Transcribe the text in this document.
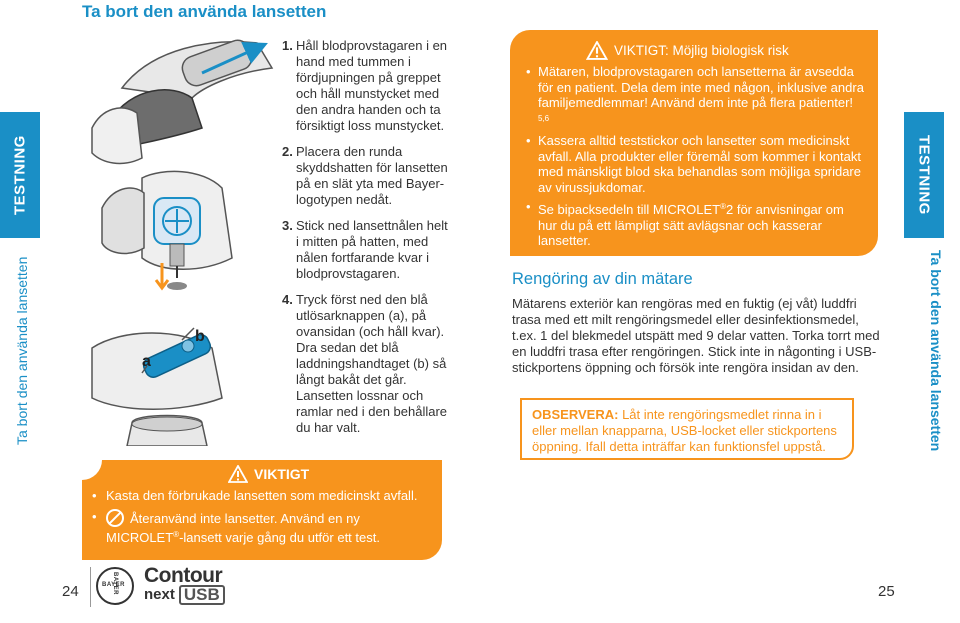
TESTNING
Ta bort den använda lansetten
TESTNING
Ta bort den använda lansetten
Ta bort den använda lansetten
a
b
1. Håll blodprovstagaren i en hand med tummen i fördjupningen på greppet och håll munstycket med den andra handen och ta försiktigt loss munstycket.
2. Placera den runda skyddshatten för lansetten på en slät yta med Bayer-logotypen nedåt.
3. Stick ned lansettnålen helt i mitten på hatten, med nålen fortfarande kvar i blodprovstagaren.
4. Tryck först ned den blå utlösarknappen (a), på ovansidan (och håll kvar). Dra sedan det blå laddningshandtaget (b) så långt bakåt det går. Lansetten lossnar och ramlar ned i den behållare du har valt.
VIKTIGT
• Kasta den förbrukade lansetten som medicinskt avfall.
• Återanvänd inte lansetter. Använd en ny
MICROLET®-lansett varje gång du utför ett test.
VIKTIGT: Möjlig biologisk risk
• Mätaren, blodprovstagaren och lansetterna är avsedda för en patient. Dela dem inte med någon, inklusive andra familjemedlemmar! Använd dem inte på flera patienter! $^{5,6}$
• Kassera alltid teststickor och lansetter som medicinskt avfall. Alla produkter eller föremål som kommer i kontakt med mänskligt blod ska behandlas som möjliga spridare av virussjukdomar.
• Se bipacksedeln till MICROLET®2 för anvisningar om hur du på ett lämpligt sätt avlägsnar och kasserar lansetter.
Rengöring av din mätare
Mätarens exteriör kan rengöras med en fuktig (ej våt) luddfri trasa med ett milt rengöringsmedel eller desinfektionsmedel, t.ex. 1 del blekmedel utspätt med 9 delar vatten. Torka torrt med en luddfri trasa efter rengöringen. Stick inte in någonting i USB-stickportens öppning och försök inte rengöra insidan av den.
OBSERVERA: Låt inte rengöringsmedlet rinna in i eller mellan knapparna, USB-locket eller stickportens öppning. Ifall detta inträffar kan funktionsfel uppstå.
24	BAYER
BAYER Contour
next USB	25
